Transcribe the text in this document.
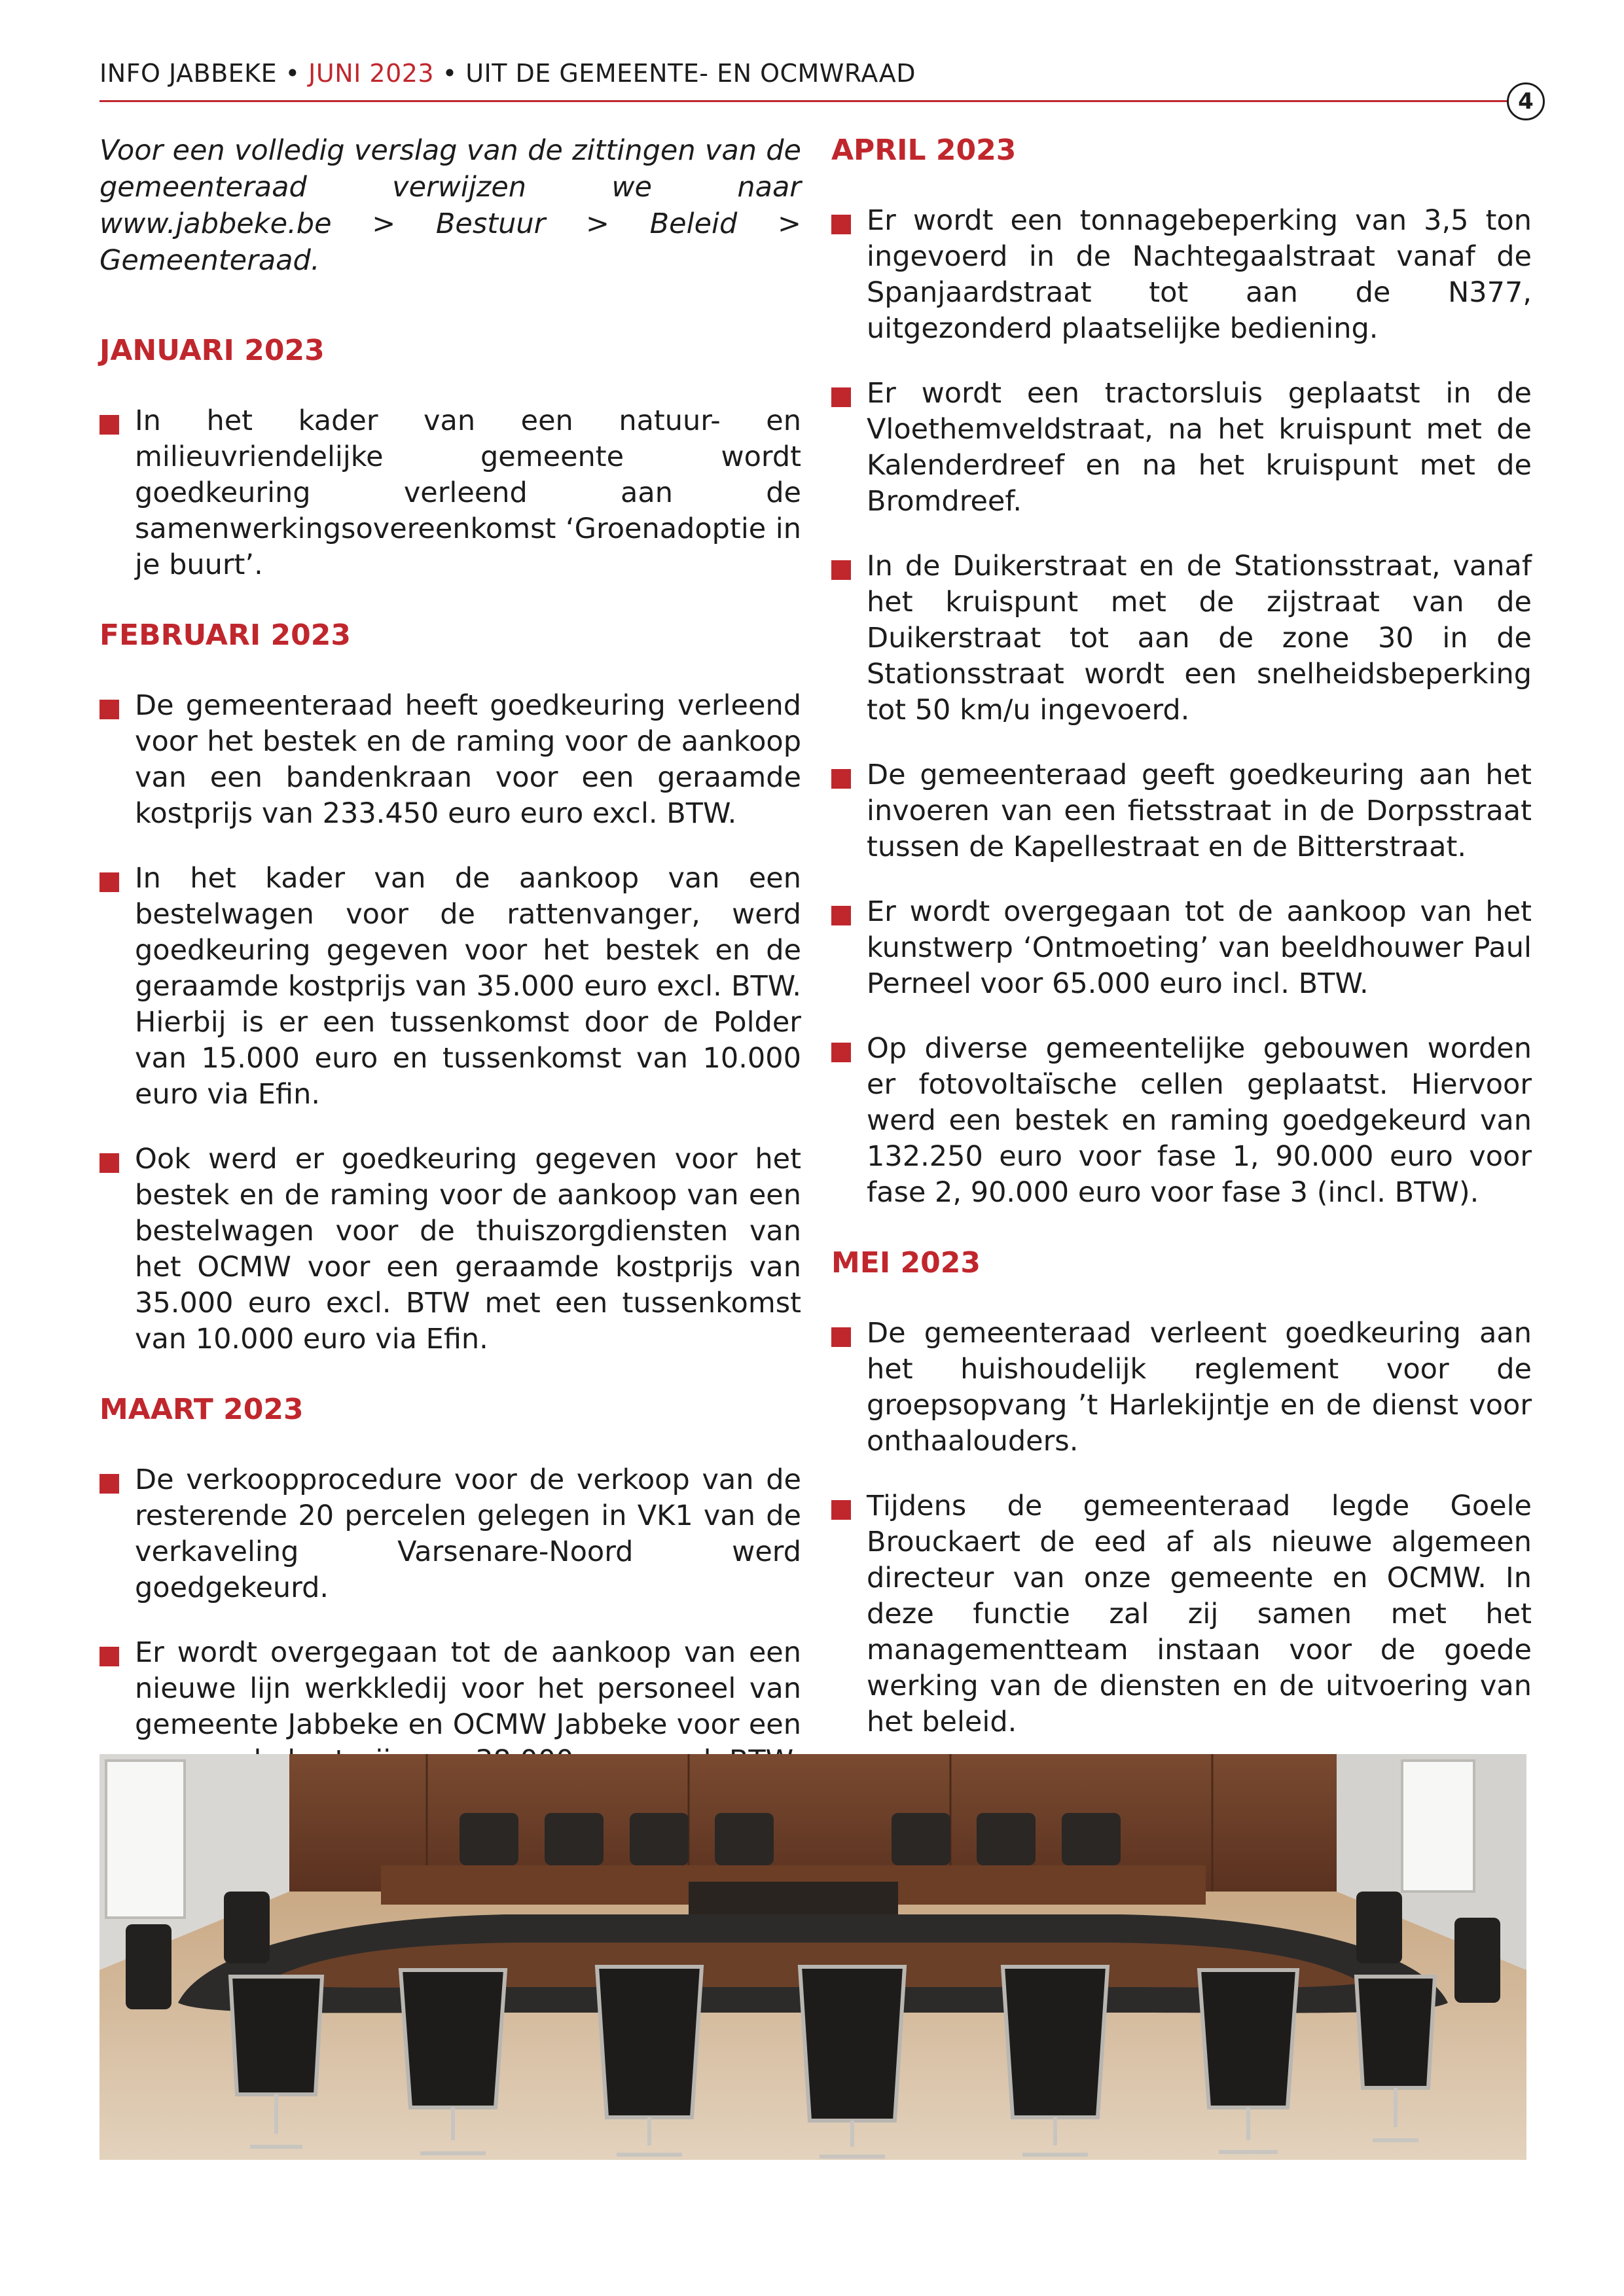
INFO JABBEKE • JUNI 2023 • UIT DE GEMEENTE- EN OCMWRAAD
4

Voor een volledig verslag van de zittingen van de gemeenteraad verwijzen we naar www.jabbeke.be > Bestuur > Beleid > Gemeenteraad.

JANUARI 2023
In het kader van een natuur- en milieuvriendelijke gemeente wordt goedkeuring verleend aan de samenwerkingsovereenkomst ‘Groenadoptie in je buurt’.
FEBRUARI 2023
De gemeenteraad heeft goedkeuring verleend voor het bestek en de raming voor de aankoop van een bandenkraan voor een geraamde kostprijs van 233.450 euro euro excl. BTW.
In het kader van de aankoop van een bestelwagen voor de rattenvanger, werd goedkeuring gegeven voor het bestek en de geraamde kostprijs van 35.000 euro excl. BTW. Hierbij is er een tussenkomst door de Polder van 15.000 euro en tussenkomst van 10.000 euro via Efin.
Ook werd er goedkeuring gegeven voor het bestek en de raming voor de aankoop van een bestelwagen voor de thuiszorgdiensten van het OCMW voor een geraamde kostprijs van 35.000 euro excl. BTW met een tussenkomst van 10.000 euro via Efin.
MAART 2023
De verkoopprocedure voor de verkoop van de resterende 20 percelen gelegen in VK1 van de verkaveling Varsenare-Noord werd goedgekeurd.
Er wordt overgegaan tot de aankoop van een nieuwe lijn werkkledij voor het personeel van gemeente Jabbeke en OCMW Jabbeke voor een
APRIL 2023
Er wordt een tonnagebeperking van 3,5 ton ingevoerd in de Nachtegaalstraat vanaf de Spanjaardstraat tot aan de N377, uitgezonderd plaatselijke bediening.
Er wordt een tractorsluis geplaatst in de Vloethemveldstraat, na het kruispunt met de Kalenderdreef en na het kruispunt met de Bromdreef.
In de Duikerstraat en de Stationsstraat, vanaf het kruispunt met de zijstraat van de Duikerstraat tot aan de zone 30 in de Stationsstraat wordt een snelheidsbeperking tot 50 km/u ingevoerd.
De gemeenteraad geeft goedkeuring aan het invoeren van een fietsstraat in de Dorpsstraat tussen de Kapellestraat en de Bitterstraat.
Er wordt overgegaan tot de aankoop van het kunstwerp ‘Ontmoeting’ van beeldhouwer Paul Perneel voor 65.000 euro incl. BTW.
Op diverse gemeentelijke gebouwen worden er fotovoltaïsche cellen geplaatst. Hiervoor werd een bestek en raming goedgekeurd van 132.250 euro voor fase 1, 90.000 euro voor fase 2, 90.000 euro voor fase 3 (incl. BTW).
MEI 2023
De gemeenteraad verleent goedkeuring aan het huishoudelijk reglement voor de groepsopvang ’t Harlekijntje en de dienst voor onthaalouders.
Tijdens de gemeenteraad legde Goele Brouckaert de eed af als nieuwe algemeen directeur van onze gemeente en OCMW. In deze functie zal zij samen met het managementteam instaan voor de goede werking van de diensten en de uitvoering van het beleid.
